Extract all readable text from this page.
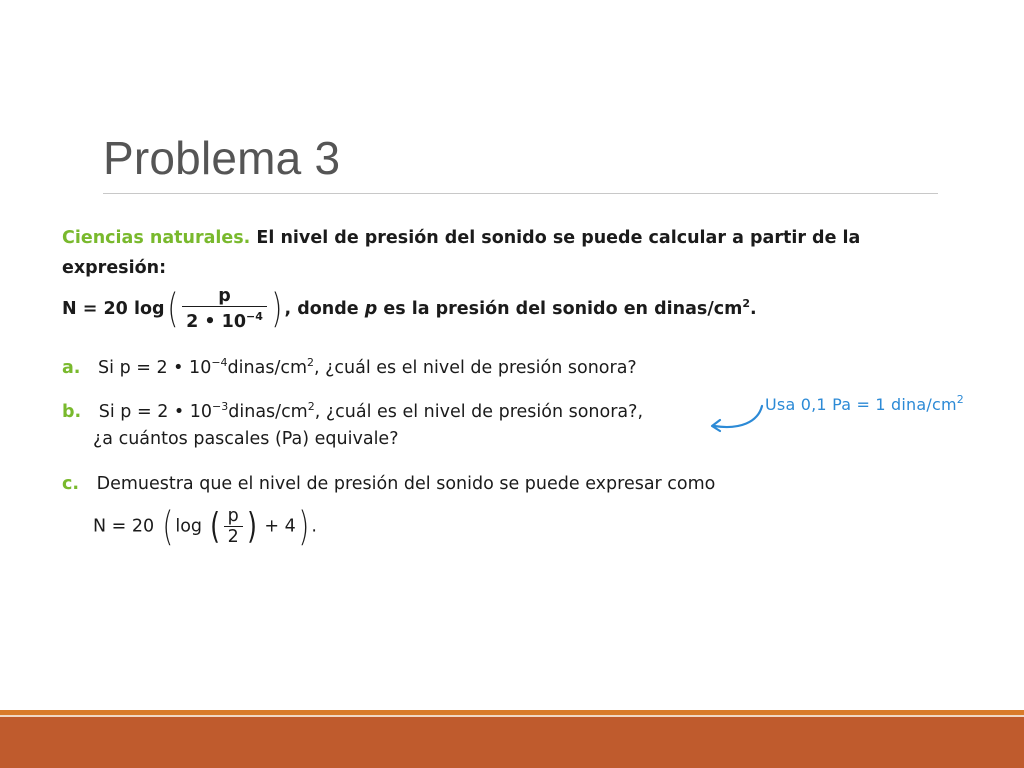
Problema 3
Ciencias naturales. El nivel de presión del sonido se puede calcular a partir de la
expresión:
N = 20 $\log( \frac{p}{2 • 10^{-4}}$ ) , donde p es la presión del sonido en dinas/$cm^2$.
a. Si p = 2 • $10^{-4}dinas/cm^2$, ¿cuál es el nivel de presión sonora?
b. Si p = 2 • $10^{-3}dinas/cm^2$, ¿cuál es el nivel de presión sonora?,
¿a cuántos pascales (Pa) equivale?
c. Demuestra que el nivel de presión del sonido se puede expresar como
N = 20 ( log ( $\frac{p}{2}$ ) + 4) .
Usa 0,1 Pa = 1 dina/$cm^2$
